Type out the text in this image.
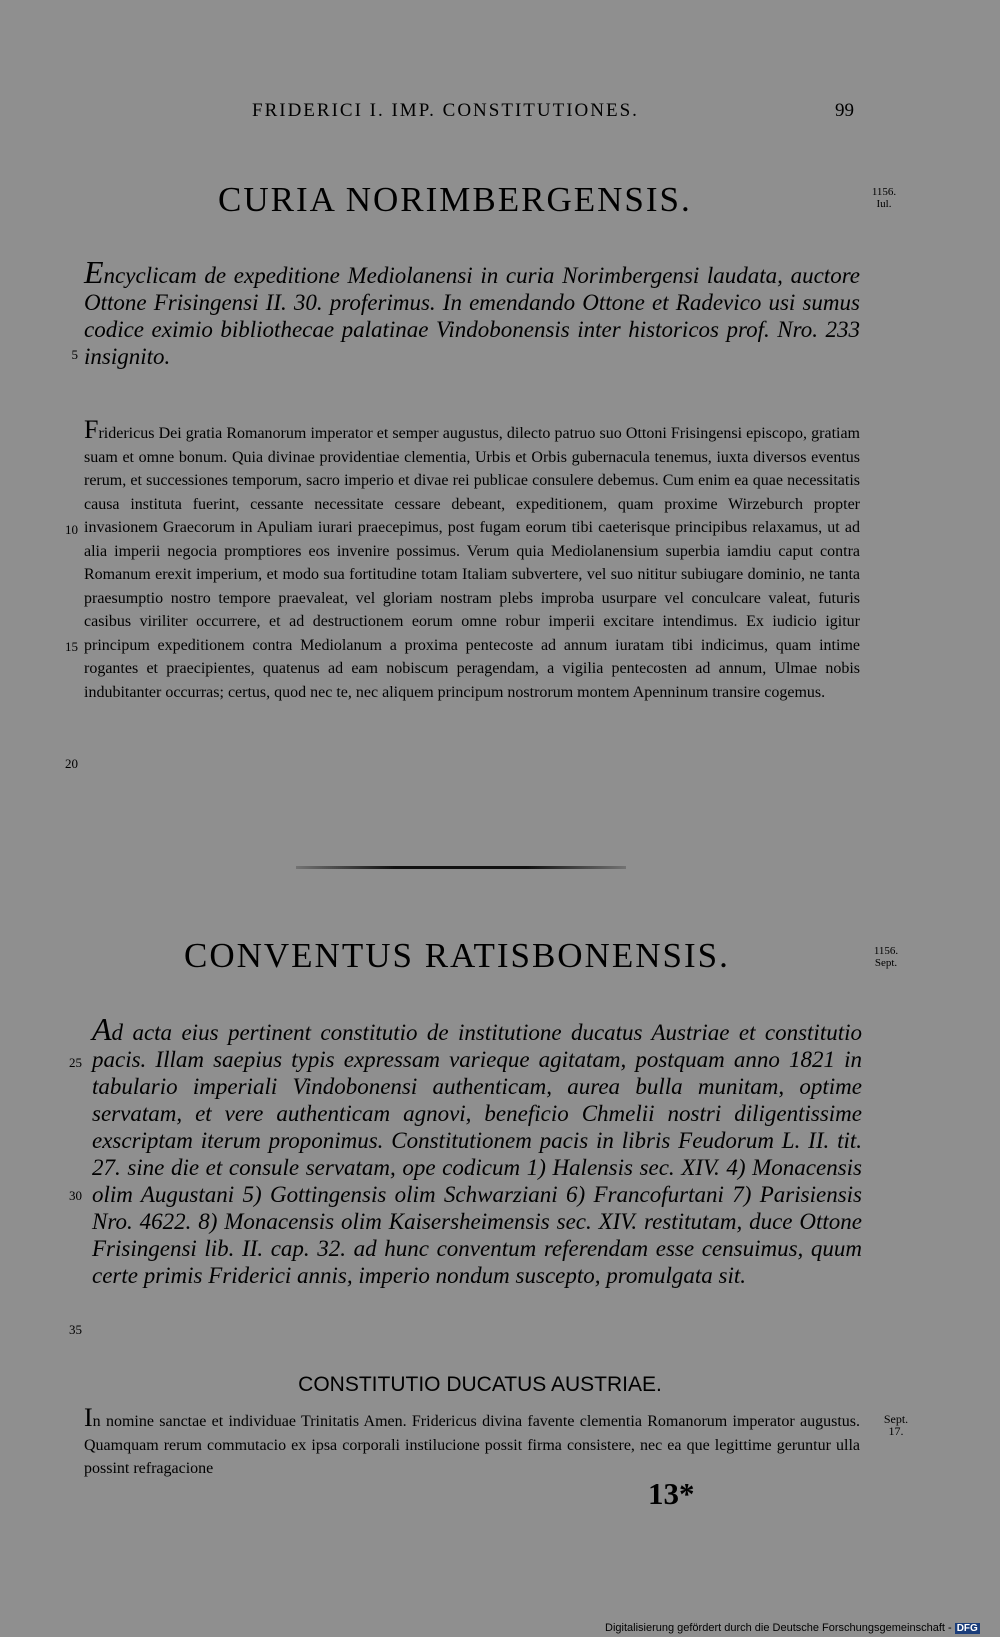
FRIDERICI I. IMP. CONSTITUTIONES.	99
CURIA NORIMBERGENSIS.	1156.
Iul.

Encyclicam de expeditione Mediolanensi in curia Norimbergensi laudata, auctore Ottone Frisingensi II. 30. proferimus. In emendando Ottone et Radevico usi sumus codice eximio bibliothecae palatinae Vindobonensis inter historicos prof. Nro. 233 insignito.

Fridericus Dei gratia Romanorum imperator et semper augustus, dilecto patruo suo Ottoni Frisingensi episcopo, gratiam suam et omne bonum. Quia divinae providentiae clementia, Urbis et Orbis gubernacula tenemus, iuxta diversos eventus rerum, et successiones temporum, sacro imperio et divae rei publicae consulere debemus. Cum enim ea quae necessitatis causa instituta fuerint, cessante necessitate cessare debeant, expeditionem, quam proxime Wirzeburch propter invasionem Graecorum in Apuliam iurari praecepimus, post fugam eorum tibi caeterisque principibus relaxamus, ut ad alia imperii negocia promptiores eos invenire possimus. Verum quia Mediolanensium superbia iamdiu caput contra Romanum erexit imperium, et modo sua fortitudine totam Italiam subvertere, vel suo nititur subiugare dominio, ne tanta praesumptio nostro tempore praevaleat, vel gloriam nostram plebs improba usurpare vel conculcare valeat, futuris casibus viriliter occurrere, et ad destructionem eorum omne robur imperii excitare intendimus. Ex iudicio igitur principum expeditionem contra Mediolanum a proxima pentecoste ad annum iuratam tibi indicimus, quam intime rogantes et praecipientes, quatenus ad eam nobiscum peragendam, a vigilia pentecosten ad annum, Ulmae nobis indubitanter occurras; certus, quod nec te, nec aliquem principum nostrorum montem Apenninum transire cogemus.

CONVENTUS RATISBONENSIS.	1156.
Sept.

Ad acta eius pertinent constitutio de institutione ducatus Austriae et constitutio pacis. Illam saepius typis expressam varieque agitatam, postquam anno 1821 in tabulario imperiali Vindobonensi authenticam, aurea bulla munitam, optime servatam, et vere authenticam agnovi, beneficio Chmelii nostri diligentissime exscriptam iterum proponimus. Constitutionem pacis in libris Feudorum L. II. tit. 27. sine die et consule servatam, ope codicum 1) Halensis sec. XIV. 4) Monacensis olim Augustani 5) Gottingensis olim Schwarziani 6) Francofurtani 7) Parisiensis Nro. 4622. 8) Monacensis olim Kaisersheimensis sec. XIV. restitutam, duce Ottone Frisingensi lib. II. cap. 32. ad hunc conventum referendam esse censuimus, quum certe primis Friderici annis, imperio nondum suscepto, promulgata sit.

CONSTITUTIO DUCATUS AUSTRIAE.
Sept.
17.

In nomine sanctae et individuae Trinitatis Amen. Fridericus divina favente clementia Romanorum imperator augustus. Quamquam rerum commutacio ex ipsa corporali instilucione possit firma consistere, nec ea que legittime geruntur ulla possint refragacione

5
10
15
20
25
30
35
13*
Digitalisierung gefördert durch die Deutsche Forschungsgemeinschaft - DFG
